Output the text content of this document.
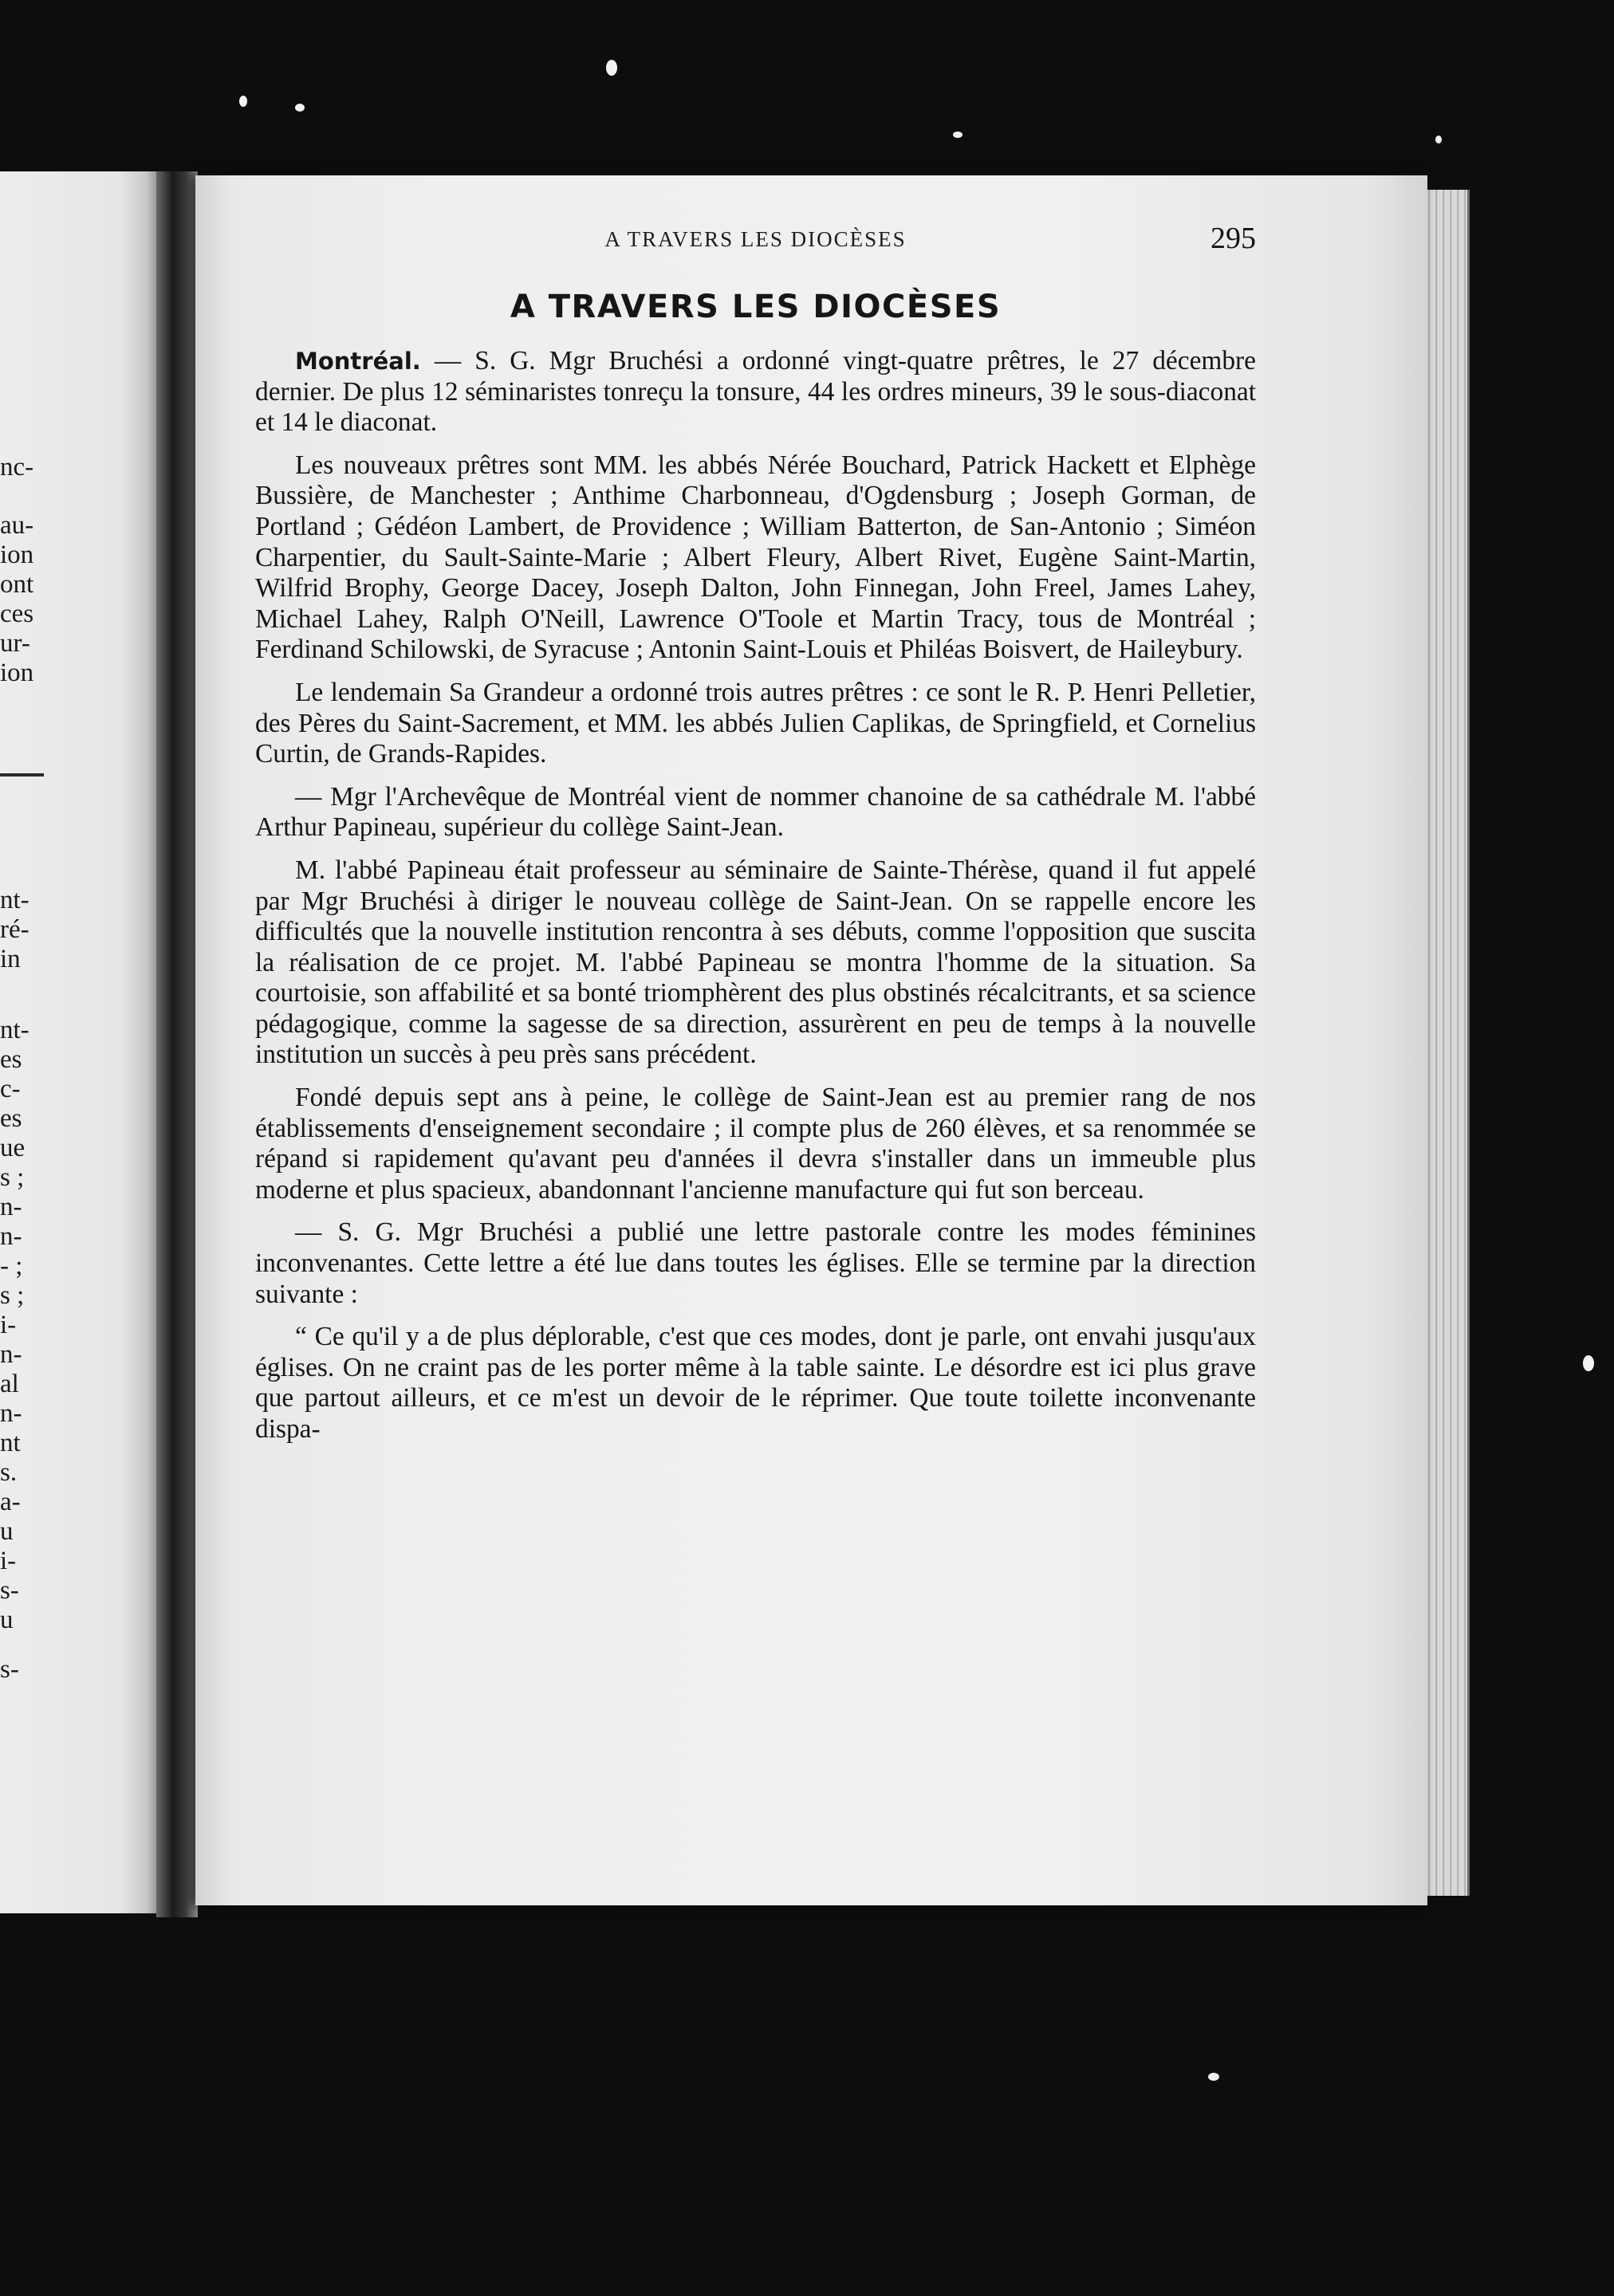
nc-
au-
ion
ont
ces
ur-
ion
nt-
ré-
in
nt-
es
c-
es
ue
s ;
n-
n-
- ;
s ;
i-
n-
al
n-
nt
s.
a-
u
i-
s-
u
s-
A TRAVERS LES DIOCÈSES	295
A TRAVERS LES DIOCÈSES

Montréal. — S. G. Mgr Bruchési a ordonné vingt-quatre prêtres, le 27 décembre dernier. De plus 12 séminaristes tonreçu la tonsure, 44 les ordres mineurs, 39 le sous-diaconat et 14 le diaconat.

Les nouveaux prêtres sont MM. les abbés Nérée Bouchard, Patrick Hackett et Elphège Bussière, de Manchester ; Anthime Charbonneau, d'Ogdensburg ; Joseph Gorman, de Portland ; Gédéon Lambert, de Providence ; William Batterton, de San-Antonio ; Siméon Charpentier, du Sault-Sainte-Marie ; Albert Fleury, Albert Rivet, Eugène Saint-Martin, Wilfrid Brophy, George Dacey, Joseph Dalton, John Finnegan, John Freel, James Lahey, Michael Lahey, Ralph O'Neill, Lawrence O'Toole et Martin Tracy, tous de Montréal ; Ferdinand Schilowski, de Syracuse ; Antonin Saint-Louis et Philéas Boisvert, de Haileybury.

Le lendemain Sa Grandeur a ordonné trois autres prêtres : ce sont le R. P. Henri Pelletier, des Pères du Saint-Sacrement, et MM. les abbés Julien Caplikas, de Springfield, et Cornelius Curtin, de Grands-Rapides.

— Mgr l'Archevêque de Montréal vient de nommer chanoine de sa cathédrale M. l'abbé Arthur Papineau, supérieur du collège Saint-Jean.

M. l'abbé Papineau était professeur au séminaire de Sainte-Thérèse, quand il fut appelé par Mgr Bruchési à diriger le nouveau collège de Saint-Jean. On se rappelle encore les difficultés que la nouvelle institution rencontra à ses débuts, comme l'opposition que suscita la réalisation de ce projet. M. l'abbé Papineau se montra l'homme de la situation. Sa courtoisie, son affabilité et sa bonté triomphèrent des plus obstinés récalcitrants, et sa science pédagogique, comme la sagesse de sa direction, assurèrent en peu de temps à la nouvelle institution un succès à peu près sans précédent.

Fondé depuis sept ans à peine, le collège de Saint-Jean est au premier rang de nos établissements d'enseignement secondaire ; il compte plus de 260 élèves, et sa renommée se répand si rapidement qu'avant peu d'années il devra s'installer dans un immeuble plus moderne et plus spacieux, abandonnant l'ancienne manufacture qui fut son berceau.

— S. G. Mgr Bruchési a publié une lettre pastorale contre les modes féminines inconvenantes. Cette lettre a été lue dans toutes les églises. Elle se termine par la direction suivante :

“ Ce qu'il y a de plus déplorable, c'est que ces modes, dont je parle, ont envahi jusqu'aux églises. On ne craint pas de les porter même à la table sainte. Le désordre est ici plus grave que partout ailleurs, et ce m'est un devoir de le réprimer. Que toute toilette inconvenante dispa-
